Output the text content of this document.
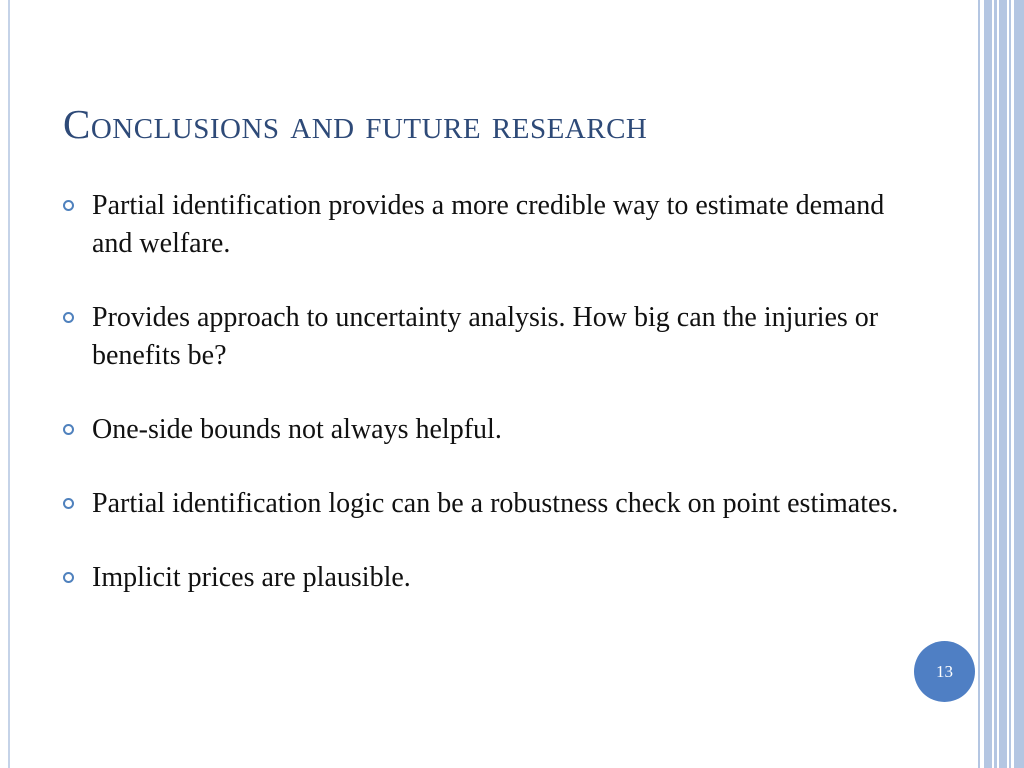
Conclusions and future research
Partial identification provides a more credible way to estimate demand and welfare.
Provides approach to uncertainty analysis. How big can the injuries or benefits be?
One-side bounds not always helpful.
Partial identification logic can be a robustness check on point estimates.
Implicit prices are plausible.
13
